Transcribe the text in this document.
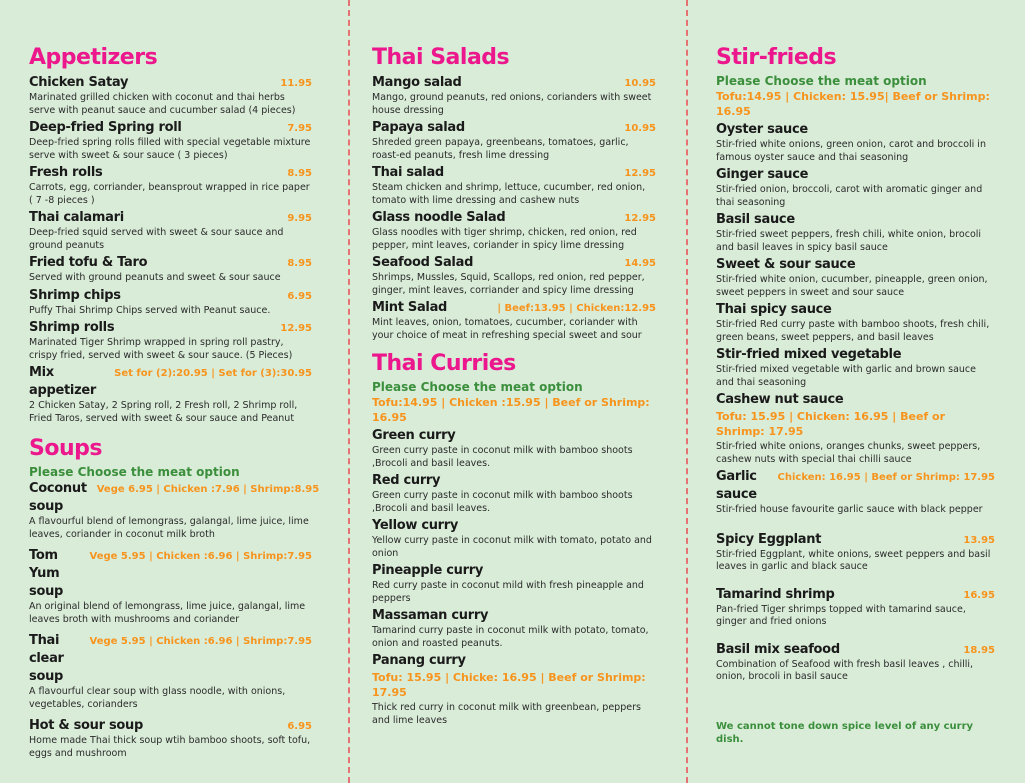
Appetizers
Chicken Satay	11.95
Marinated grilled chicken with coconut and thai herbs serve with peanut sauce and cucumber salad (4 pieces)
Deep-fried Spring roll	7.95
Deep-fried spring rolls filled with special vegetable mixture serve with sweet & sour sauce ( 3 pieces)
Fresh rolls	8.95
Carrots, egg, corriander, beansprout wrapped in rice paper ( 7 -8 pieces )
Thai calamari	9.95
Deep-fried squid served with sweet & sour sauce and ground peanuts
Fried tofu & Taro	8.95
Served with ground peanuts and sweet & sour sauce
Shrimp chips	6.95
Puffy Thai Shrimp Chips served with Peanut sauce.
Shrimp rolls	12.95
Marinated Tiger Shrimp wrapped in spring roll pastry, crispy fried, served with sweet & sour sauce. (5 Pieces)
Mix appetizer
Set for (2):20.95 | Set for (3):30.95
2 Chicken Satay, 2 Spring roll, 2 Fresh roll, 2 Shrimp roll, Fried Taros, served with sweet & sour sauce and Peanut
Soups
Please Choose the meat option
Coconut soup
Vege 6.95 | Chicken :7.96 | Shrimp:8.95
A flavourful blend of lemongrass, galangal, lime juice, lime leaves, coriander in coconut milk broth
Tom Yum soup
Vege 5.95 | Chicken :6.96 | Shrimp:7.95
An original blend of lemongrass, lime juice, galangal, lime leaves broth with mushrooms and coriander
Thai clear soup
Vege 5.95 | Chicken :6.96 | Shrimp:7.95
A flavourful clear soup with glass noodle, with onions, vegetables, corianders
Hot & sour soup	6.95
Home made Thai thick soup wtih bamboo shoots, soft tofu, eggs and mushroom
Thai Salads
Mango salad	10.95
Mango, ground peanuts, red onions, corianders with sweet house dressing
Papaya salad	10.95
Shreded green papaya, greenbeans, tomatoes, garlic, roast-ed peanuts, fresh lime dressing
Thai salad	12.95
Steam chicken and shrimp, lettuce, cucumber, red onion, tomato with lime dressing and cashew nuts
Glass noodle Salad	12.95
Glass noodles with tiger shrimp, chicken, red onion, red pepper, mint leaves, coriander in spicy lime dressing
Seafood Salad	14.95
Shrimps, Mussles, Squid, Scallops, red onion, red pepper, ginger, mint leaves, corriander and spicy lime dressing
Mint Salad	| Beef:13.95 | Chicken:12.95
Mint leaves, onion, tomatoes, cucumber, coriander with your choice of meat in refreshing special sweet and sour
Thai Curries
Please Choose the meat option
Tofu:14.95 | Chicken :15.95 | Beef or Shrimp: 16.95
Green curry
Green curry paste in coconut milk with bamboo shoots ,Brocoli and basil leaves.
Red curry
Green curry paste in coconut milk with bamboo shoots ,Brocoli and basil leaves.
Yellow curry
Yellow curry paste in coconut milk with tomato, potato and onion
Pineapple curry
Red curry paste in coconut mild with fresh pineapple and peppers
Massaman curry
Tamarind curry paste in coconut milk with potato, tomato, onion and roasted peanuts.
Panang curry
Tofu: 15.95 | Chicke: 16.95 | Beef or Shrimp: 17.95
Thick red curry in coconut milk with greenbean, peppers and lime leaves
Stir-frieds
Please Choose the meat option
Tofu:14.95 | Chicken: 15.95| Beef or Shrimp: 16.95
Oyster sauce
Stir-fried white onions, green onion, carot and broccoli in famous oyster sauce and thai seasoning
Ginger sauce
Stir-fried onion, broccoli, carot with aromatic ginger and thai seasoning
Basil sauce
Stir-fried sweet peppers, fresh chili, white onion, brocoli and basil leaves in spicy basil sauce
Sweet & sour sauce
Stir-fried white onion, cucumber, pineapple, green onion, sweet peppers in sweet and sour sauce
Thai spicy sauce
Stir-fried Red curry paste with bamboo shoots, fresh chili, green beans, sweet peppers, and basil leaves
Stir-fried mixed vegetable
Stir-fried mixed vegetable with garlic and brown sauce and thai seasoning
Cashew nut sauce
Tofu: 15.95 | Chicken: 16.95 | Beef or Shrimp: 17.95
Stir-fried white onions, oranges chunks, sweet peppers, cashew nuts with special thai chilli sauce
Garlic sauce
Chicken: 16.95 | Beef or Shrimp: 17.95
Stir-fried house favourite garlic sauce with black pepper
Spicy Eggplant	13.95
Stir-fried Eggplant, white onions, sweet peppers and basil leaves in garlic and black sauce
Tamarind shrimp	16.95
Pan-fried Tiger shrimps topped with tamarind sauce, ginger and fried onions
Basil mix seafood	18.95
Combination of Seafood with fresh basil leaves , chilli, onion, brocoli in basil sauce
We cannot tone down spice level of any curry dish.
